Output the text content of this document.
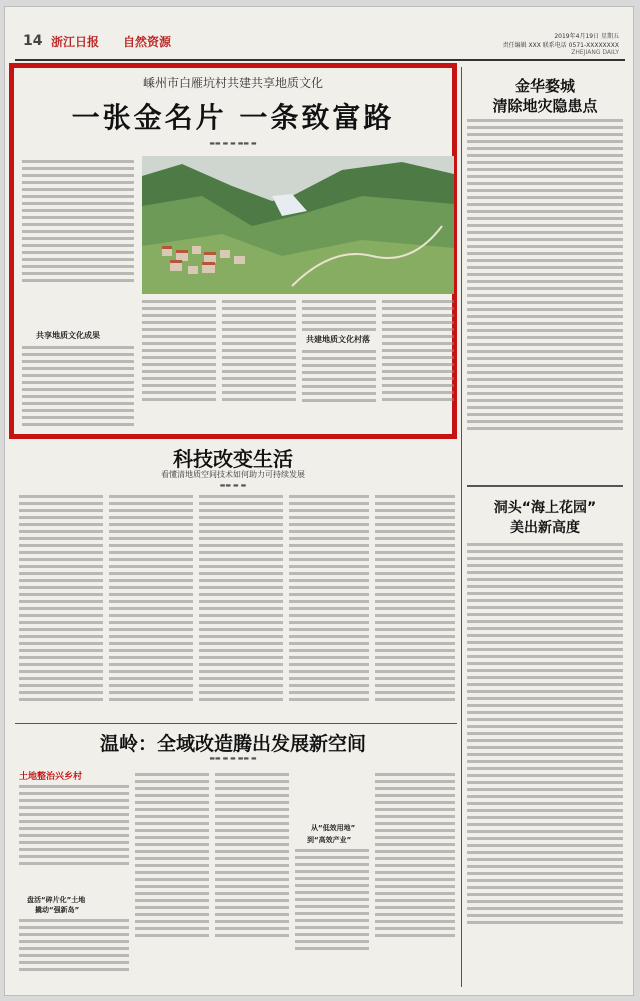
14 浙江日报 自然资源	2019年4月19日 星期五
责任编辑 XXX 联系电话 0571-XXXXXXXX
ZHEJIANG DAILY
嵊州市白雁坑村共建共享地质文化
一张金名片 一条致富路
▬▬ ▬ ▬ ▬▬ ▬
共享地质文化成果	共建地质文化村落
金华婺城
清除地灾隐患点
洞头“海上花园”
美出新高度
科技改变生活
看懂清地质空间技术如何助力可持续发展
▬▬ ▬ ▬
温岭：全域改造腾出发展新空间
▬▬ ▬ ▬ ▬▬ ▬
土地整治兴乡村
盘活“碎片化”土地
撬动“强新岛”
从“低效用地”
到“高效产业”
